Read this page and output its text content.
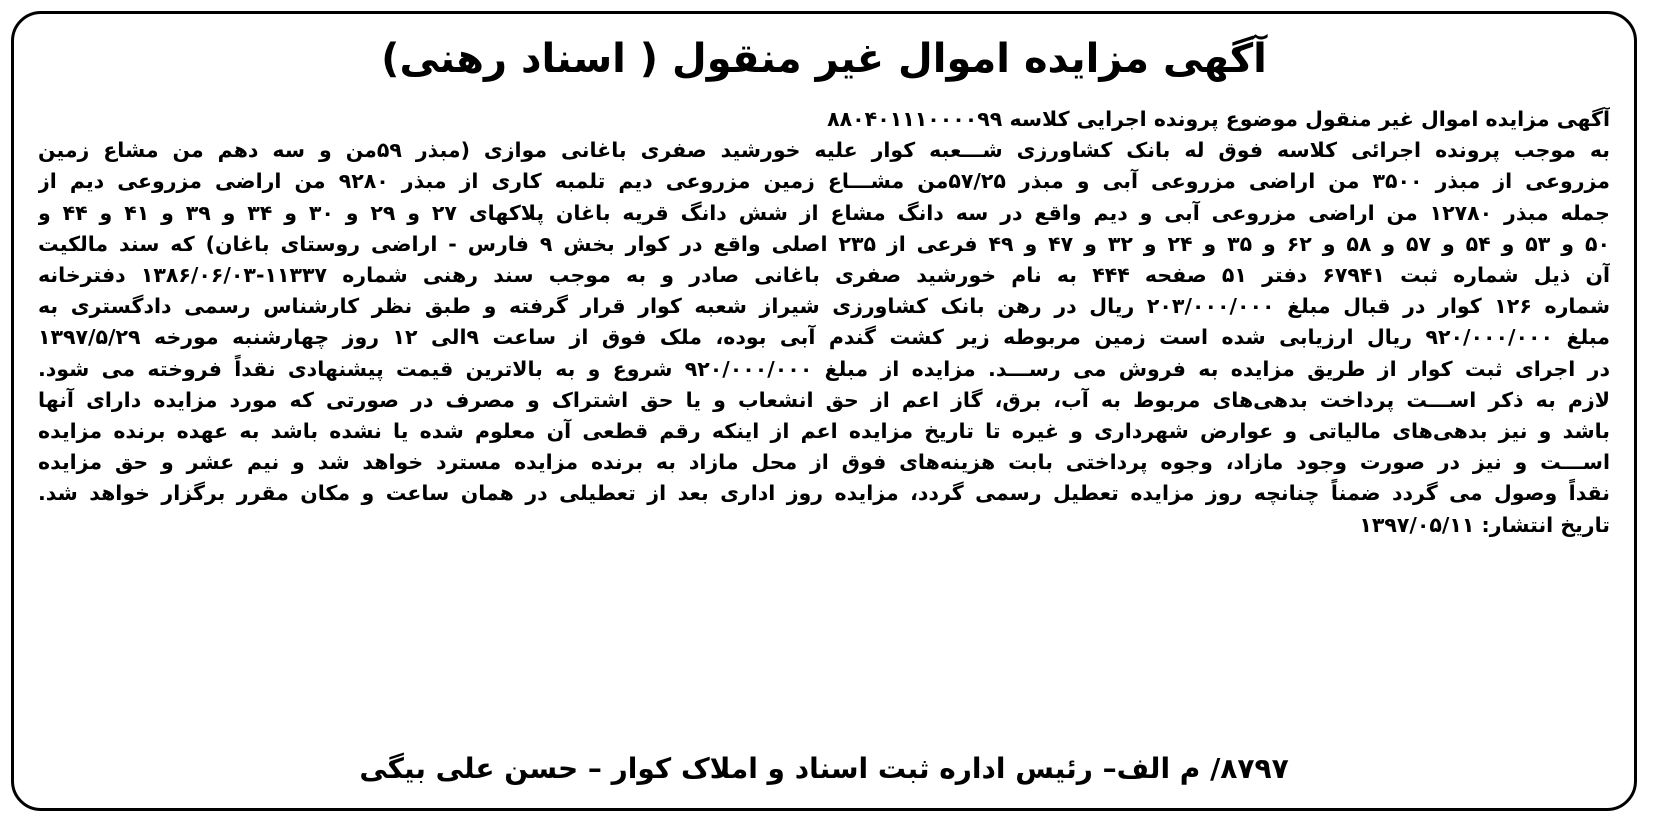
آگهی مزایده اموال غیر منقول ( اسناد رهنی)
آگهی مزایده اموال غیر منقول موضوع پرونده اجرایی کلاسه ۸۸۰۴۰۱۱۱۰۰۰۰۹۹
به موجب پرونده اجرائی کلاسه فوق له بانک کشاورزی شـــعبه کوار علیه خورشید صفری باغانی موازی (مبذر ۵۹من و سه دهم من مشاع زمین
مزروعی از مبذر ۳۵۰۰ من اراضی مزروعی آبی و مبذر ۵۷/۲۵من مشـــاع زمین مزروعی دیم تلمبه کاری از مبذر ۹۲۸۰ من اراضی مزروعی دیم از
جمله مبذر ۱۲۷۸۰ من اراضی مزروعی آبی و دیم واقع در سه دانگ مشاع از شش دانگ قریه باغان پلاکهای ۲۷ و ۲۹ و ۳۰ و ۳۴ و ۳۹ و ۴۱ و ۴۴ و
۵۰ و ۵۳ و ۵۴ و ۵۷ و ۵۸ و ۶۲ و ۳۵ و ۲۴ و ۳۲ و ۴۷ و ۴۹ فرعی از ۲۳۵ اصلی واقع در کوار بخش ۹ فارس - اراضی روستای باغان) که سند مالکیت
آن ذیل شماره ثبت ۶۷۹۴۱ دفتر ۵۱ صفحه ۴۴۴ به نام خورشید صفری باغانی صادر و به موجب سند رهنی شماره ۱۱۳۳۷-۱۳۸۶/۰۶/۰۳ دفترخانه
شماره ۱۲۶ کوار در قبال مبلغ ۲۰۳/۰۰۰/۰۰۰ ریال در رهن بانک کشاورزی شیراز شعبه کوار قرار گرفته و طبق نظر کارشناس رسمی دادگستری به
مبلغ ۹۲۰/۰۰۰/۰۰۰ ریال ارزیابی شده است زمین مربوطه زیر کشت گندم آبی بوده، ملک فوق از ساعت ۹الی ۱۲ روز چهارشنبه مورخه ۱۳۹۷/۵/۲۹
در اجرای ثبت کوار از طریق مزایده به فروش می رســـد. مزایده از مبلغ ۹۲۰/۰۰۰/۰۰۰ شروع و به بالاترین قیمت پیشنهادی نقداً فروخته می شود.
لازم به ذکر اســـت پرداخت بدهی‌های مربوط به آب، برق، گاز اعم از حق انشعاب و یا حق اشتراک و مصرف در صورتی که مورد مزایده دارای آنها
باشد و نیز بدهی‌های مالیاتی و عوارض شهرداری و غیره تا تاریخ مزایده اعم از اینکه رقم قطعی آن معلوم شده یا نشده باشد به عهده برنده مزایده
اســـت و نیز در صورت وجود مازاد، وجوه پرداختی بابت هزینه‌های فوق از محل مازاد به برنده مزایده مسترد خواهد شد و نیم عشر و حق مزایده
نقداً وصول می گردد ضمناً چنانچه روز مزایده تعطیل رسمی گردد، مزایده روز اداری بعد از تعطیلی در همان ساعت و مکان مقرر برگزار خواهد شد.
تاریخ انتشار: ۱۳۹۷/۰۵/۱۱
۸۷۹۷/ م الف– رئیس اداره ثبت اسناد و املاک کوار – حسن علی بیگی
